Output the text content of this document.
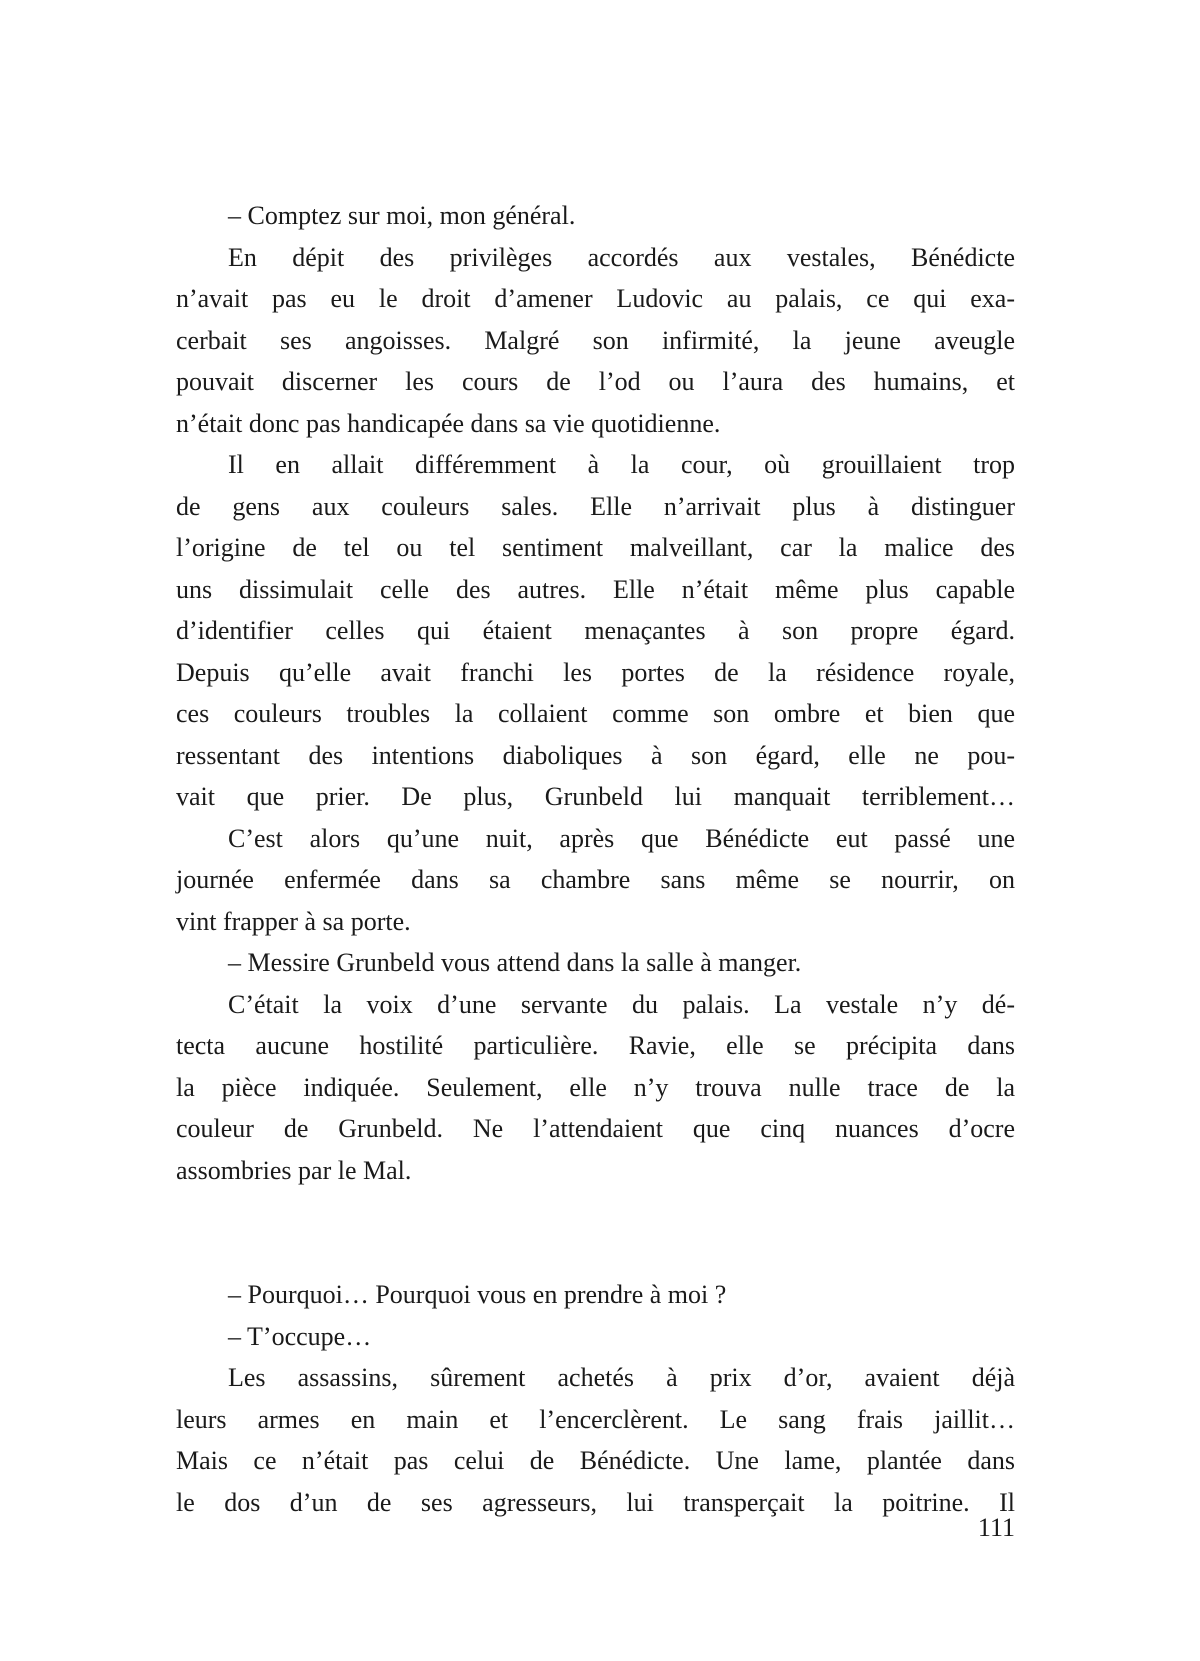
– Comptez sur moi, mon général.
En dépit des privilèges accordés aux vestales, Bénédicte
n’avait pas eu le droit d’amener Ludovic au palais, ce qui exa-
cerbait ses angoisses. Malgré son infirmité, la jeune aveugle
pouvait discerner les cours de l’od ou l’aura des humains, et
n’était donc pas handicapée dans sa vie quotidienne.
Il en allait différemment à la cour, où grouillaient trop
de gens aux couleurs sales. Elle n’arrivait plus à distinguer
l’origine de tel ou tel sentiment malveillant, car la malice des
uns dissimulait celle des autres. Elle n’était même plus capable
d’identifier celles qui étaient menaçantes à son propre égard.
Depuis qu’elle avait franchi les portes de la résidence royale,
ces couleurs troubles la collaient comme son ombre et bien que
ressentant des intentions diaboliques à son égard, elle ne pou-
vait que prier. De plus, Grunbeld lui manquait terriblement…
C’est alors qu’une nuit, après que Bénédicte eut passé une
journée enfermée dans sa chambre sans même se nourrir, on
vint frapper à sa porte.
– Messire Grunbeld vous attend dans la salle à manger.
C’était la voix d’une servante du palais. La vestale n’y dé-
tecta aucune hostilité particulière. Ravie, elle se précipita dans
la pièce indiquée. Seulement, elle n’y trouva nulle trace de la
couleur de Grunbeld. Ne l’attendaient que cinq nuances d’ocre
assombries par le Mal.
– Pourquoi… Pourquoi vous en prendre à moi ?
– T’occupe…
Les assassins, sûrement achetés à prix d’or, avaient déjà
leurs armes en main et l’encerclèrent. Le sang frais jaillit…
Mais ce n’était pas celui de Bénédicte. Une lame, plantée dans
le dos d’un de ses agresseurs, lui transperçait la poitrine. Il
111
